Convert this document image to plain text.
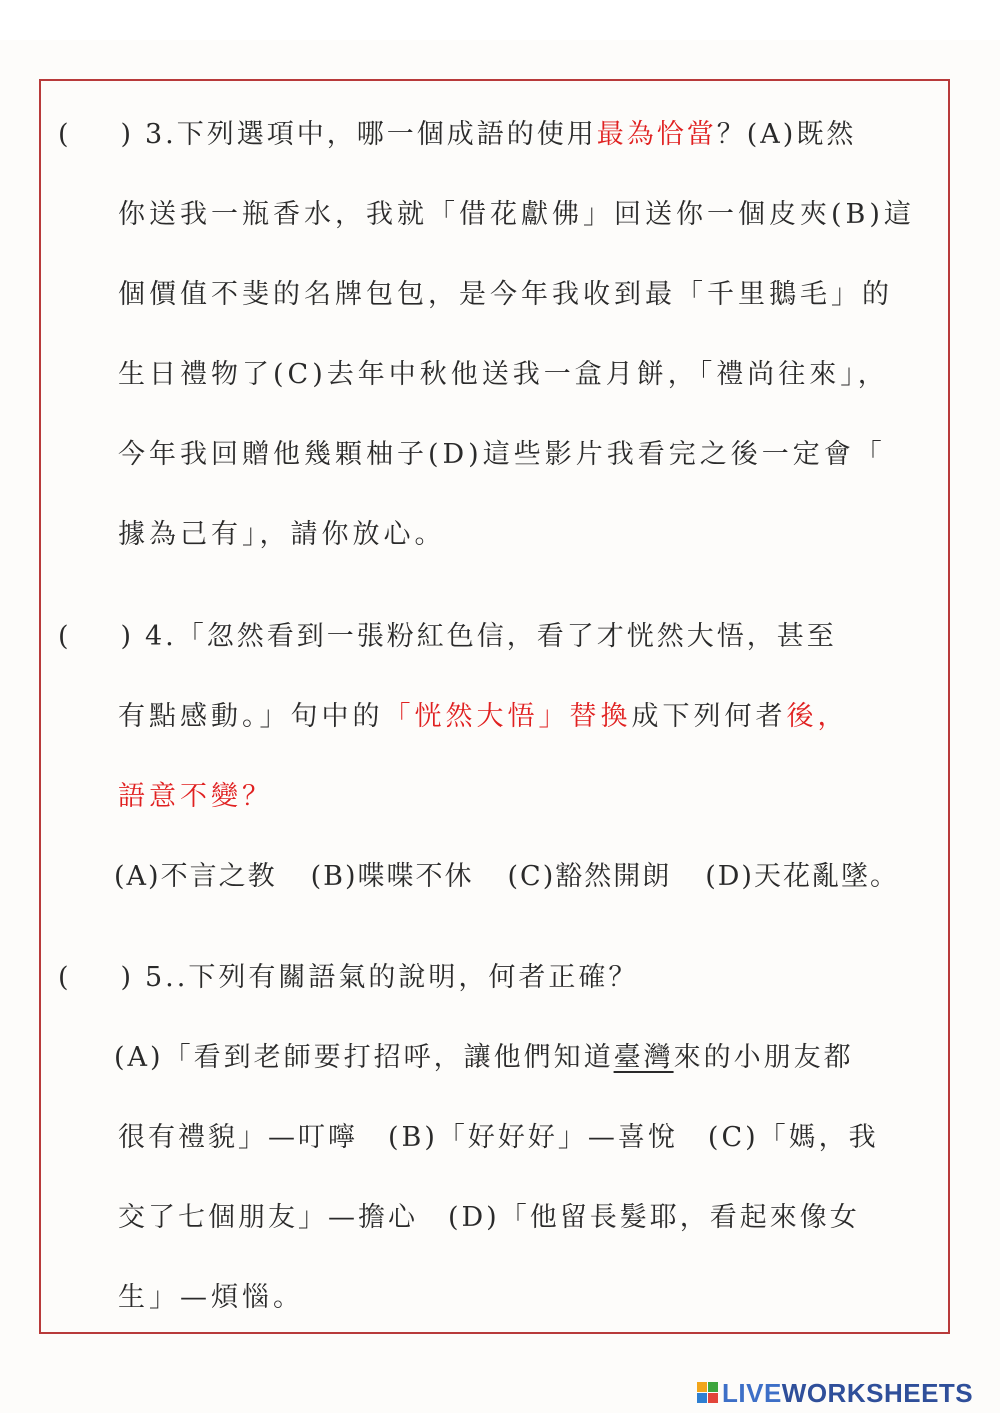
( ) 3.下列選項中，哪一個成語的使用最為恰當？(A)既然
你送我一瓶香水，我就「借花獻佛」回送你一個皮夾(B)這
個價值不斐的名牌包包，是今年我收到最「千里鵝毛」的
生日禮物了(C)去年中秋他送我一盒月餅，「禮尚往來」，
今年我回贈他幾顆柚子(D)這些影片我看完之後一定會「
據為己有」，請你放心。
( ) 4.「忽然看到一張粉紅色信，看了才恍然大悟，甚至
有點感動。」句中的「恍然大悟」替換成下列何者後，
語意不變？
(A)不言之教 (B)喋喋不休 (C)豁然開朗 (D)天花亂墜。
( ) 5..下列有關語氣的說明，何者正確？
(A)「看到老師要打招呼，讓他們知道臺灣來的小朋友都
很有禮貌」—叮嚀　(B)「好好好」—喜悅　(C)「媽，我
交了七個朋友」—擔心　(D)「他留長髮耶，看起來像女
生」—煩惱。
LIVE WORKSHEETS
